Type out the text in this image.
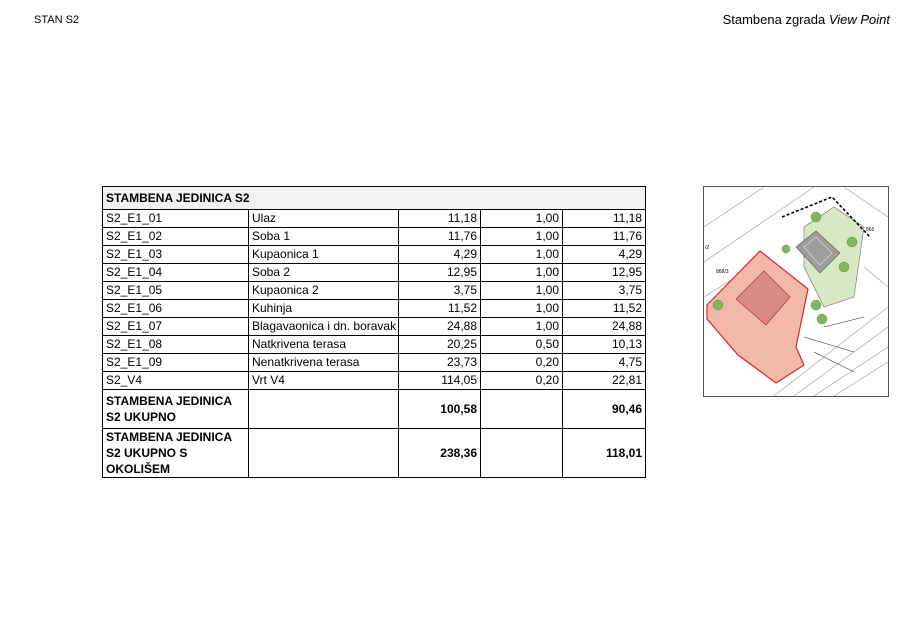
STAN S2	Stambena zgrada View Point
STAMBENA JEDINICA S2				
S2_E1_01	Ulaz	11,18	1,00	11,18
S2_E1_02	Soba 1	11,76	1,00	11,76
S2_E1_03	Kupaonica 1	4,29	1,00	4,29
S2_E1_04	Soba 2	12,95	1,00	12,95
S2_E1_05	Kupaonica 2	3,75	1,00	3,75
S2_E1_06	Kuhinja	11,52	1,00	11,52
S2_E1_07	Blagavaonica i dn. boravak	24,88	1,00	24,88
S2_E1_08	Natkrivena terasa	20,25	0,50	10,13
S2_E1_09	Nenatkrivena terasa	23,73	0,20	4,75
S2_V4	Vrt V4	114,05	0,20	22,81
STAMBENA JEDINICA S2 UKUPNO		100,58		90,46
STAMBENA JEDINICA S2 UKUPNO S OKOLIŠEM		238,36		118,01
865
868/3
/2
